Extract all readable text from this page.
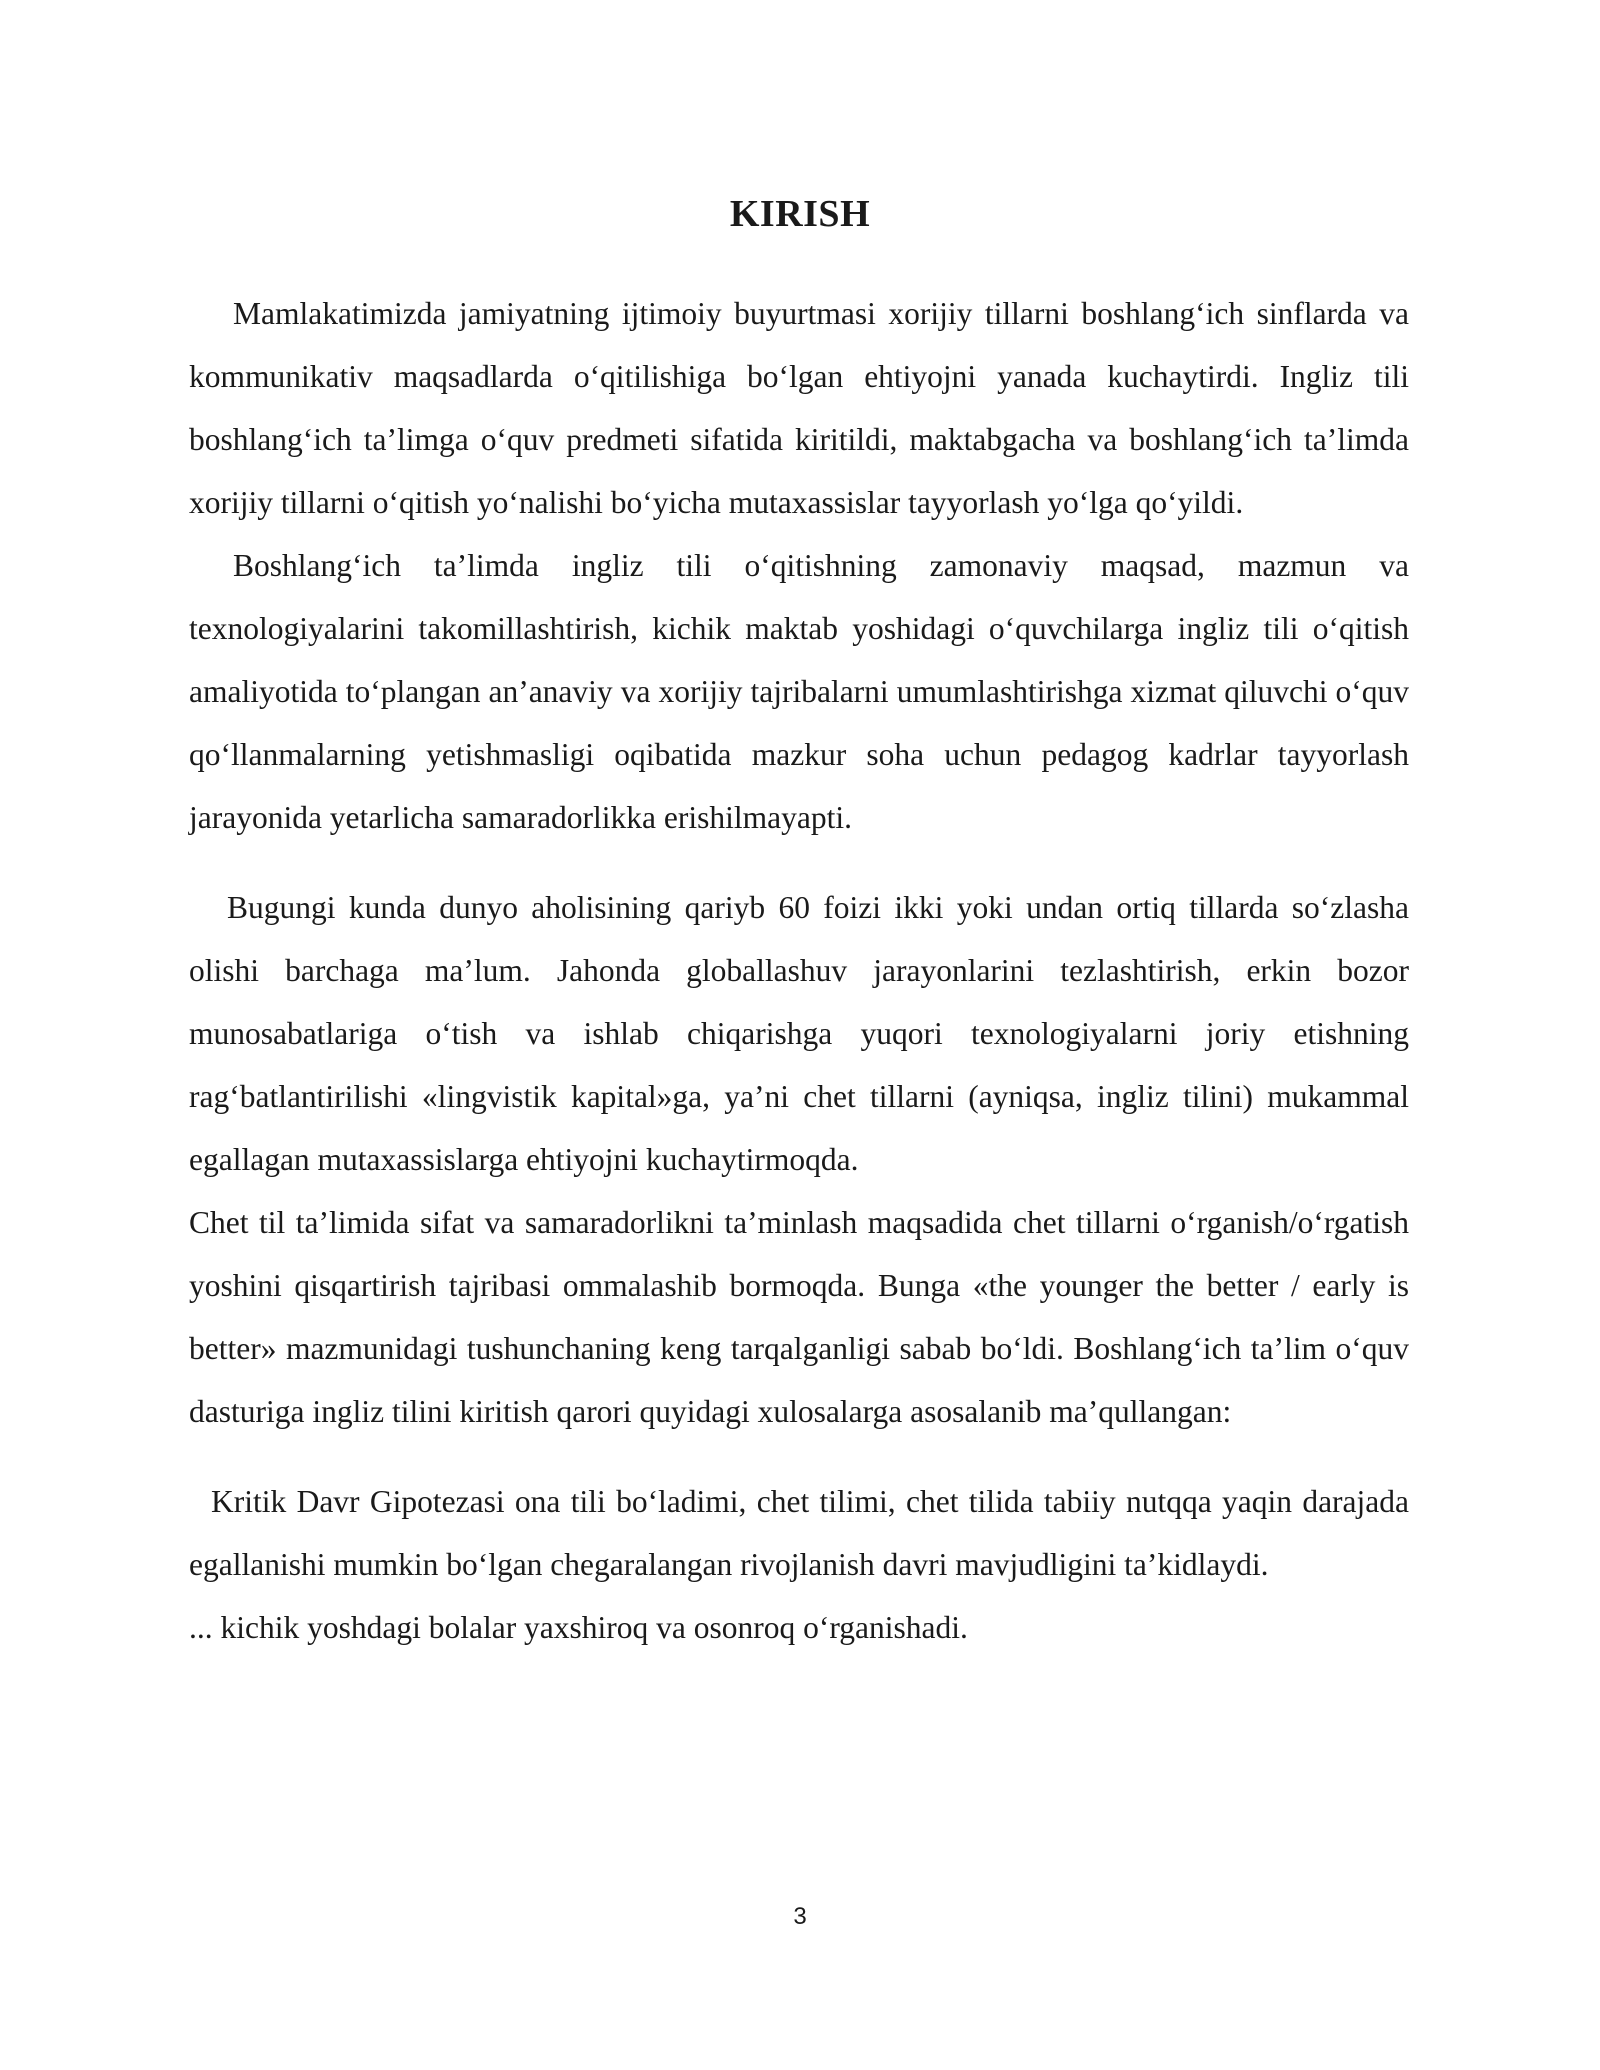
KIRISH

Mamlakatimizda jamiyatning ijtimoiy buyurtmasi xorijiy tillarni boshlang‘ich sinflarda va kommunikativ maqsadlarda o‘qitilishiga bo‘lgan ehtiyojni yanada kuchaytirdi. Ingliz tili boshlang‘ich ta’limga o‘quv predmeti sifatida kiritildi, maktabgacha va boshlang‘ich ta’limda xorijiy tillarni o‘qitish yo‘nalishi bo‘yicha mutaxassislar tayyorlash yo‘lga qo‘yildi.

Boshlang‘ich ta’limda ingliz tili o‘qitishning zamonaviy maqsad, mazmun va texnologiyalarini takomillashtirish, kichik maktab yoshidagi o‘quvchilarga ingliz tili o‘qitish amaliyotida to‘plangan an’anaviy va xorijiy tajribalarni umumlashtirishga xizmat qiluvchi o‘quv qo‘llanmalarning yetishmasligi oqibatida mazkur soha uchun pedagog kadrlar tayyorlash jarayonida yetarlicha samaradorlikka erishilmayapti.

Bugungi kunda dunyo aholisining qariyb 60 foizi ikki yoki undan ortiq tillarda so‘zlasha olishi barchaga ma’lum. Jahonda globallashuv jarayonlarini tezlashtirish, erkin bozor munosabatlariga o‘tish va ishlab chiqarishga yuqori texnologiyalarni joriy etishning rag‘batlantirilishi «lingvistik kapital»ga, ya’ni chet tillarni (ayniqsa, ingliz tilini) mukammal egallagan mutaxassislarga ehtiyojni kuchaytirmoqda.

Chet til ta’limida sifat va samaradorlikni ta’minlash maqsadida chet tillarni o‘rganish/o‘rgatish yoshini qisqartirish tajribasi ommalashib bormoqda. Bunga «the younger the better / early is better» mazmunidagi tushunchaning keng tarqalganligi sabab bo‘ldi. Boshlang‘ich ta’lim o‘quv dasturiga ingliz tilini kiritish qarori quyidagi xulosalarga asosalanib ma’qullangan:

Kritik Davr Gipotezasi ona tili bo‘ladimi, chet tilimi, chet tilida tabiiy nutqqa yaqin darajada egallanishi mumkin bo‘lgan chegaralangan rivojlanish davri mavjudligini ta’kidlaydi.

... kichik yoshdagi bolalar yaxshiroq va osonroq o‘rganishadi.

3
